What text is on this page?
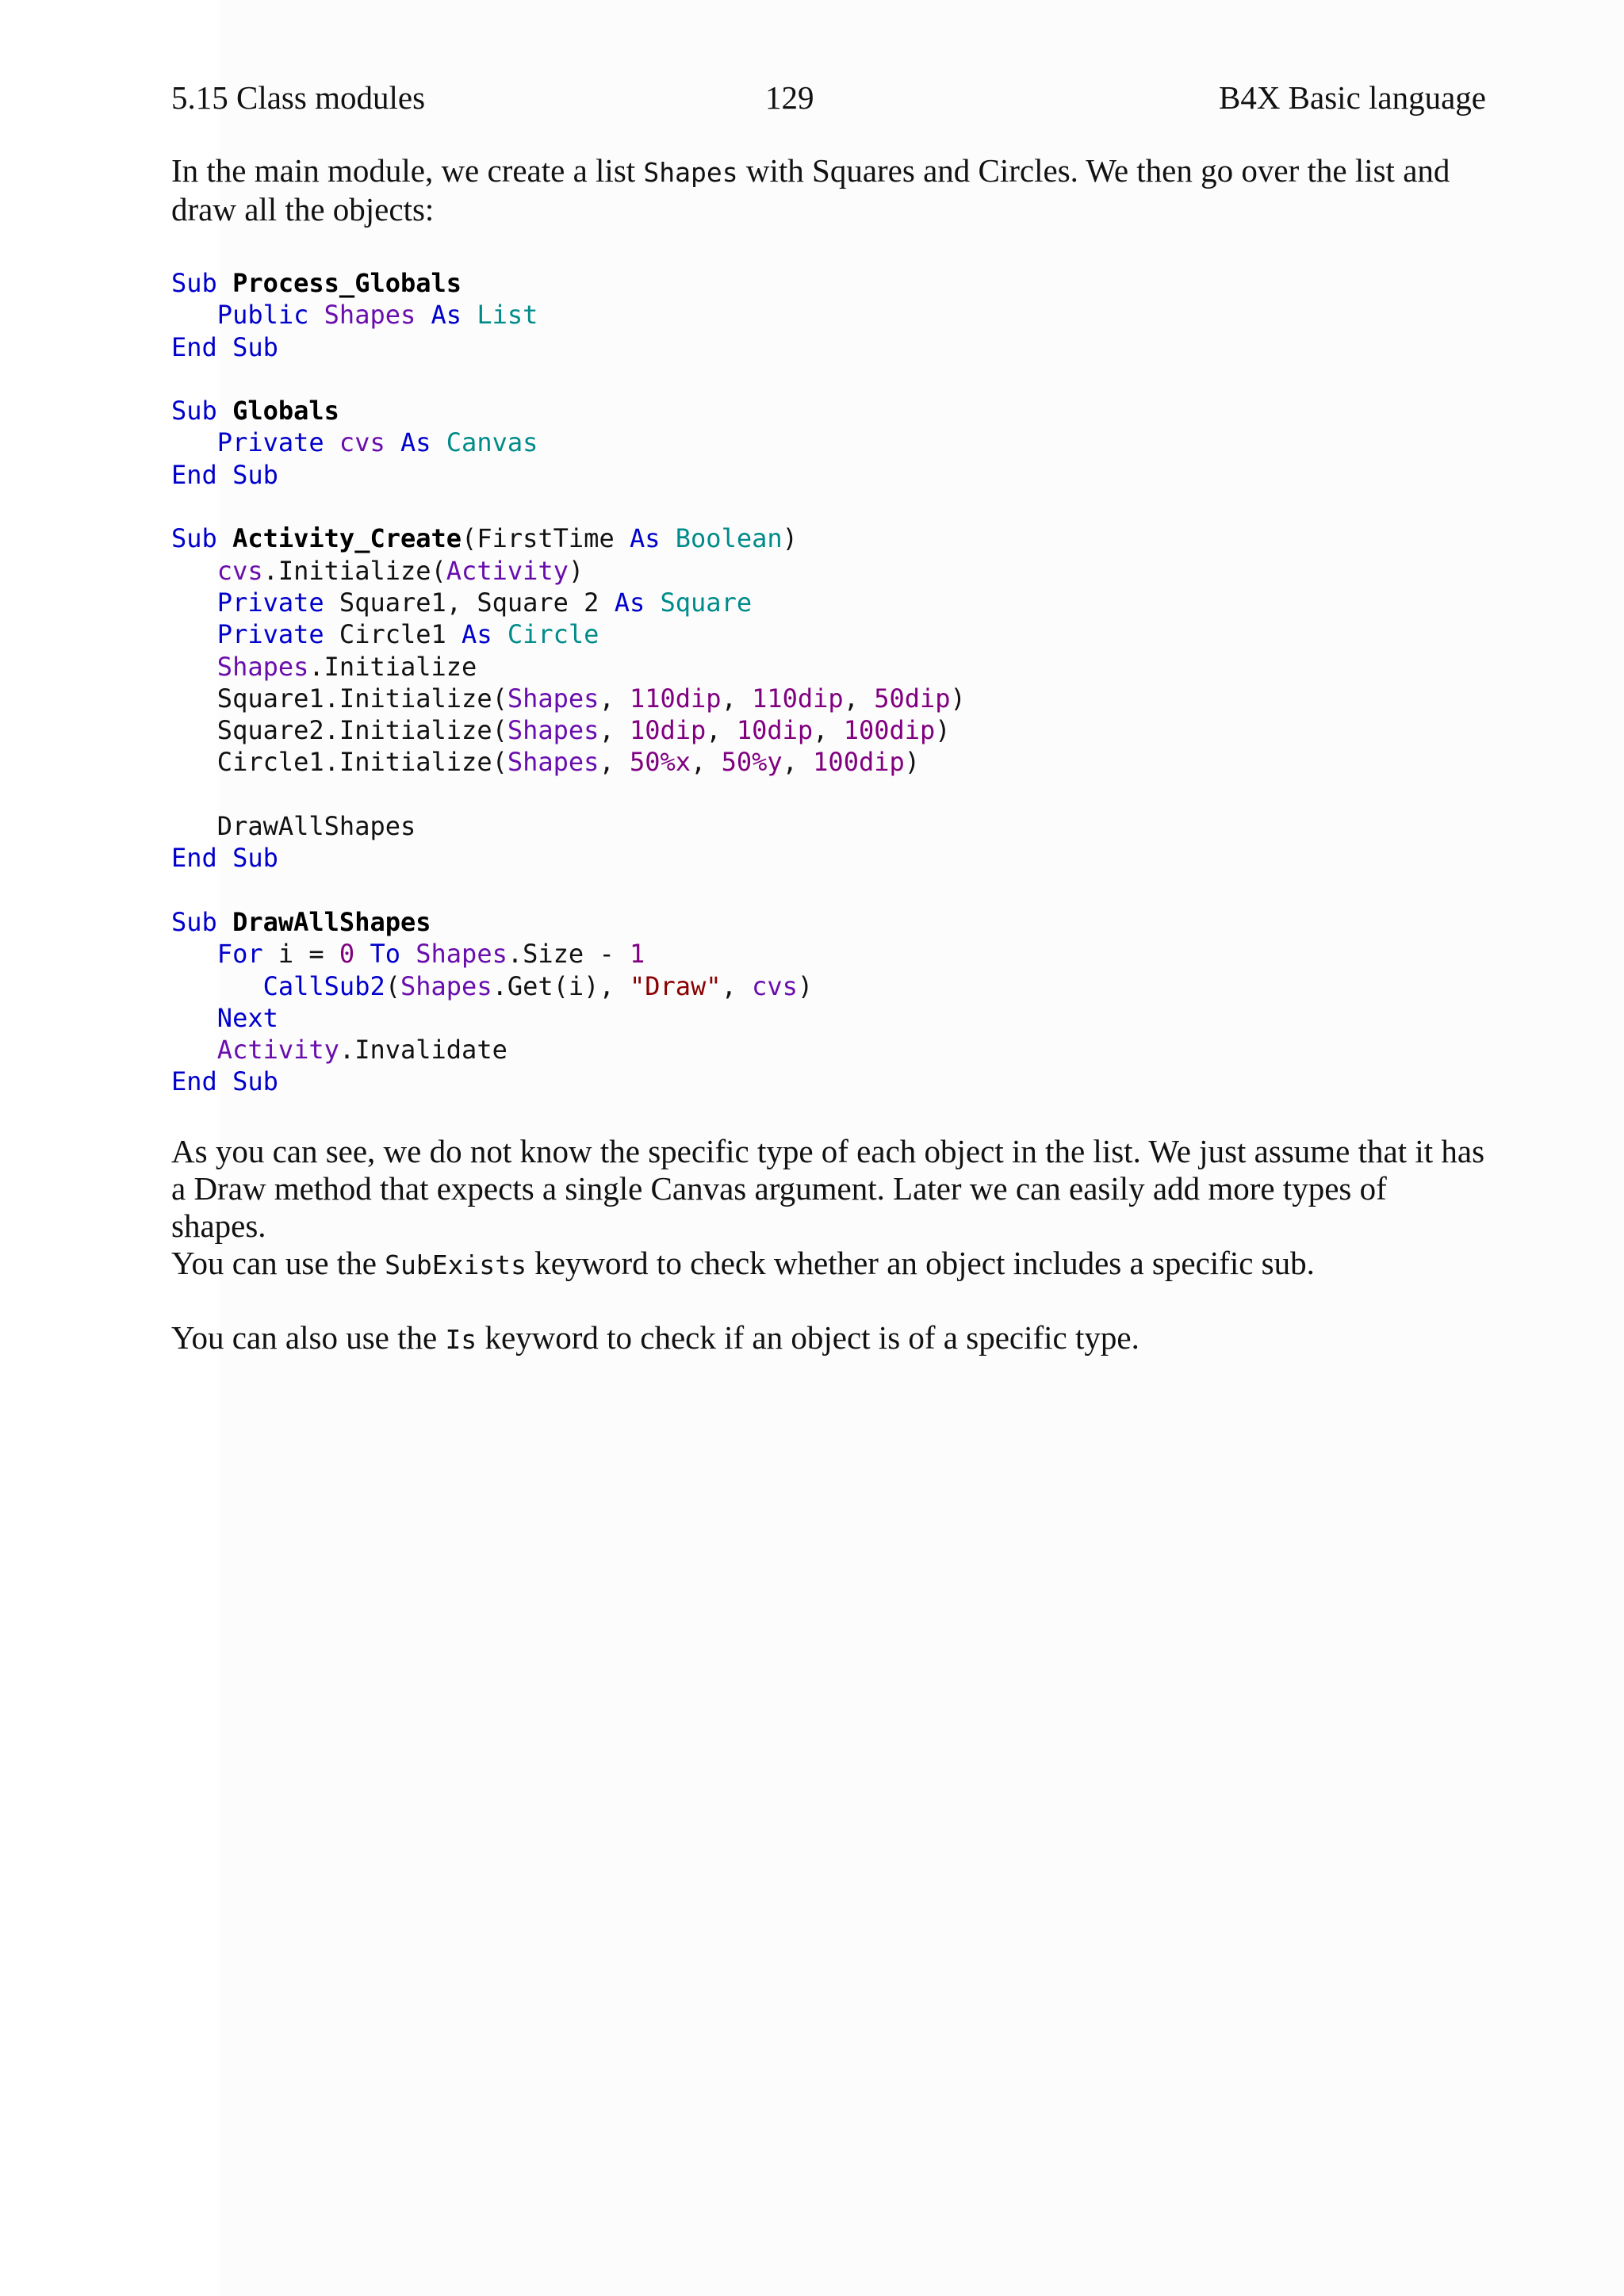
5.15 Class modules	129	B4X Basic language

In the main module, we create a list Shapes with Squares and Circles. We then go over the list and draw all the objects:

Sub Process_Globals
Public Shapes As List
End Sub

Sub Globals
Private cvs As Canvas
End Sub

Sub Activity_Create(FirstTime As Boolean)
cvs.Initialize(Activity)
Private Square1, Square 2 As Square
Private Circle1 As Circle
Shapes.Initialize
Square1.Initialize(Shapes, 110dip, 110dip, 50dip)
Square2.Initialize(Shapes, 10dip, 10dip, 100dip)
Circle1.Initialize(Shapes, 50%x, 50%y, 100dip)

DrawAllShapes
End Sub

Sub DrawAllShapes
For i = 0 To Shapes.Size - 1
CallSub2(Shapes.Get(i), "Draw", cvs)
Next
Activity.Invalidate
End Sub

As you can see, we do not know the specific type of each object in the list. We just assume that it has a Draw method that expects a single Canvas argument. Later we can easily add more types of shapes.

You can use the SubExists keyword to check whether an object includes a specific sub.

You can also use the Is keyword to check if an object is of a specific type.
